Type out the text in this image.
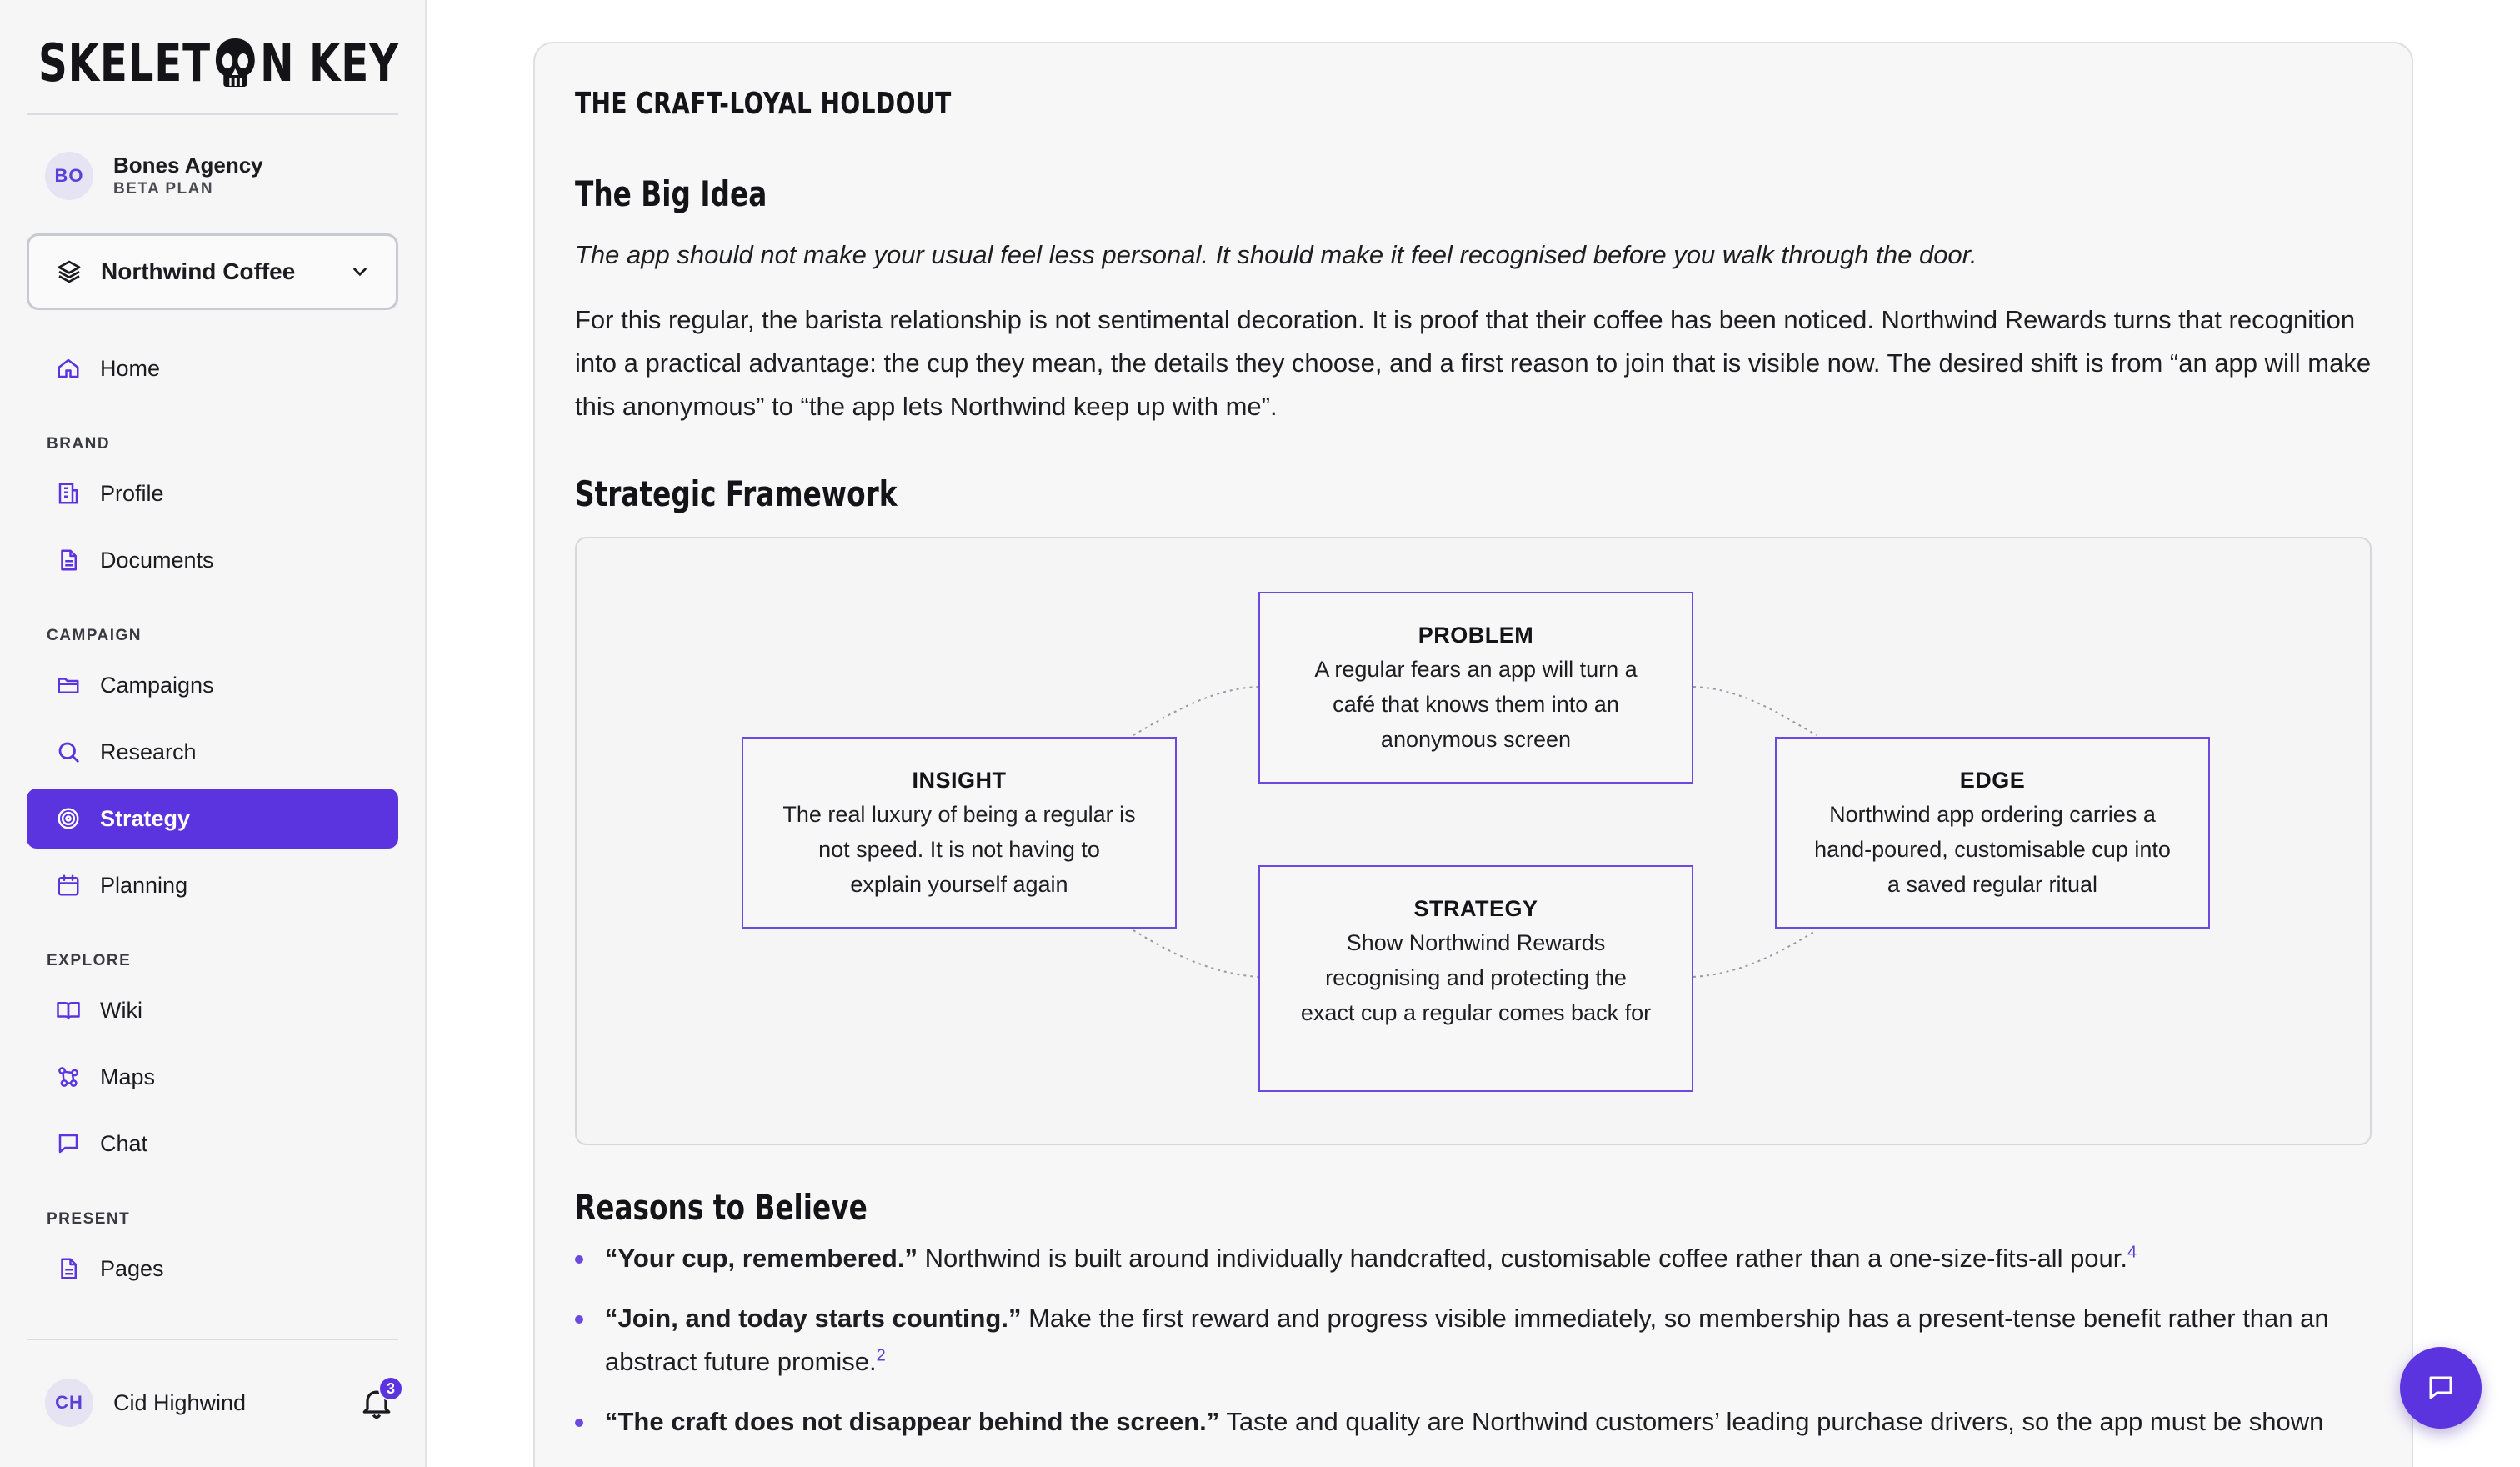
SKELET N KEY
BO	Bones Agency
BETA PLAN
Northwind Coffee
Home
BRAND
Profile
Documents
CAMPAIGN
Campaigns
Research
Strategy
Planning
EXPLORE
Wiki
Maps
Chat
PRESENT
Pages
CH	Cid Highwind
3
THE CRAFT-LOYAL HOLDOUT
The Big Idea

The app should not make your usual feel less personal. It should make it feel recognised before you walk through the door.

For this regular, the barista relationship is not sentimental decoration. It is proof that their coffee has been noticed. Northwind Rewards turns that recognition into a practical advantage: the cup they mean, the details they choose, and a first reason to join that is visible now. The desired shift is from “an app will make this anonymous” to “the app lets Northwind keep up with me”.

Strategic Framework
PROBLEM
A regular fears an app will turn a café that knows them into an anonymous screen
INSIGHT
The real luxury of being a regular is not speed. It is not having to explain yourself again
EDGE
Northwind app ordering carries a hand-poured, customisable cup into a saved regular ritual
STRATEGY
Show Northwind Rewards recognising and protecting the exact cup a regular comes back for
Reasons to Believe
“Your cup, remembered.” Northwind is built around individually handcrafted, customisable coffee rather than a one-size-fits-all pour.$^4$
“Join, and today starts counting.” Make the first reward and progress visible immediately, so membership has a present-tense benefit rather than an abstract future promise.$^2$
“The craft does not disappear behind the screen.” Taste and quality are Northwind customers’ leading purchase drivers, so the app must be shown
